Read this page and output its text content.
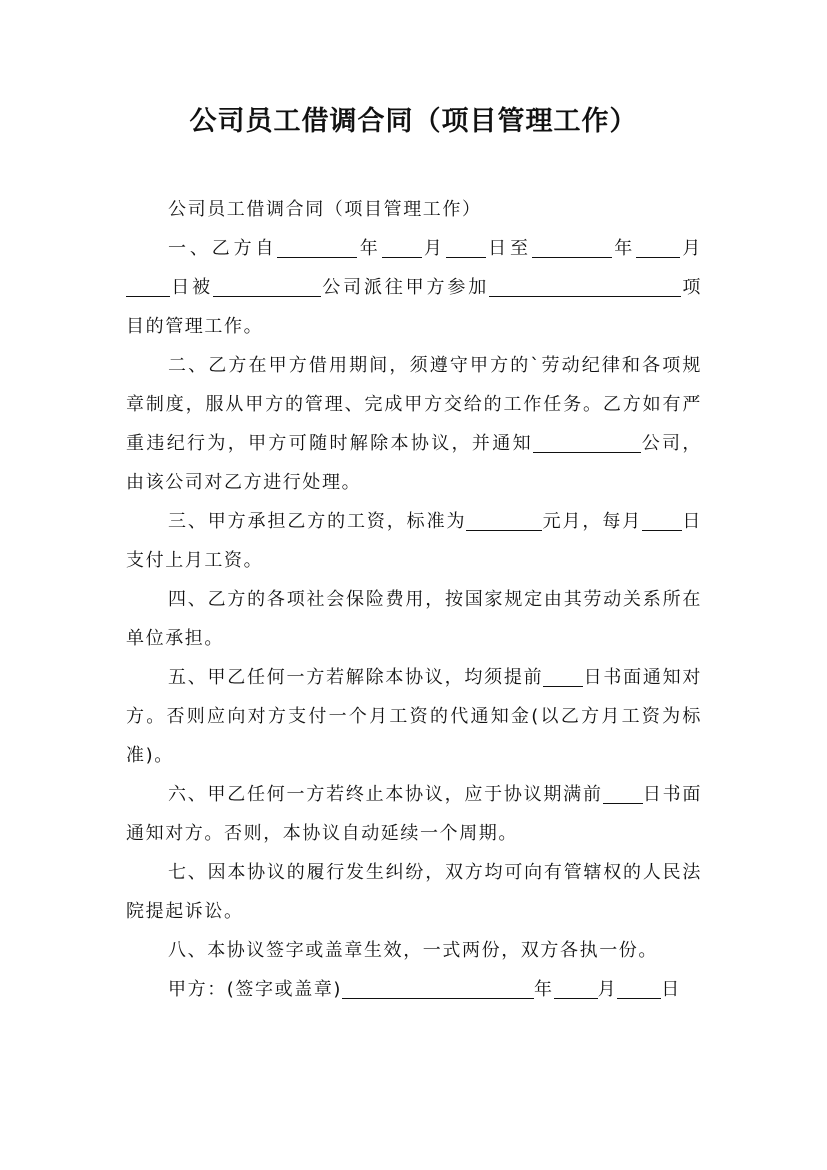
公司员工借调合同（项目管理工作）

公司员工借调合同（项目管理工作）

一、乙方自	年 月 日至	年 月日被	公司派往甲方参加	项目的管理工作。

二、乙方在甲方借用期间，须遵守甲方的`劳动纪律和各项规章制度，服从甲方的管理、完成甲方交给的工作任务。乙方如有严重违纪行为，甲方可随时解除本协议，并通知	公司，由该公司对乙方进行处理。

三、甲方承担乙方的工资，标准为	元月，每月 日支付上月工资。

四、乙方的各项社会保险费用，按国家规定由其劳动关系所在单位承担。

五、甲乙任何一方若解除本协议，均须提前 日书面通知对方。否则应向对方支付一个月工资的代通知金(以乙方月工资为标准)。

六、甲乙任何一方若终止本协议，应于协议期满前 日书面通知对方。否则，本协议自动延续一个周期。

七、因本协议的履行发生纠纷，双方均可向有管辖权的人民法院提起诉讼。

八、本协议签字或盖章生效，一式两份，双方各执一份。

甲方：(签字或盖章)	年 月 日
